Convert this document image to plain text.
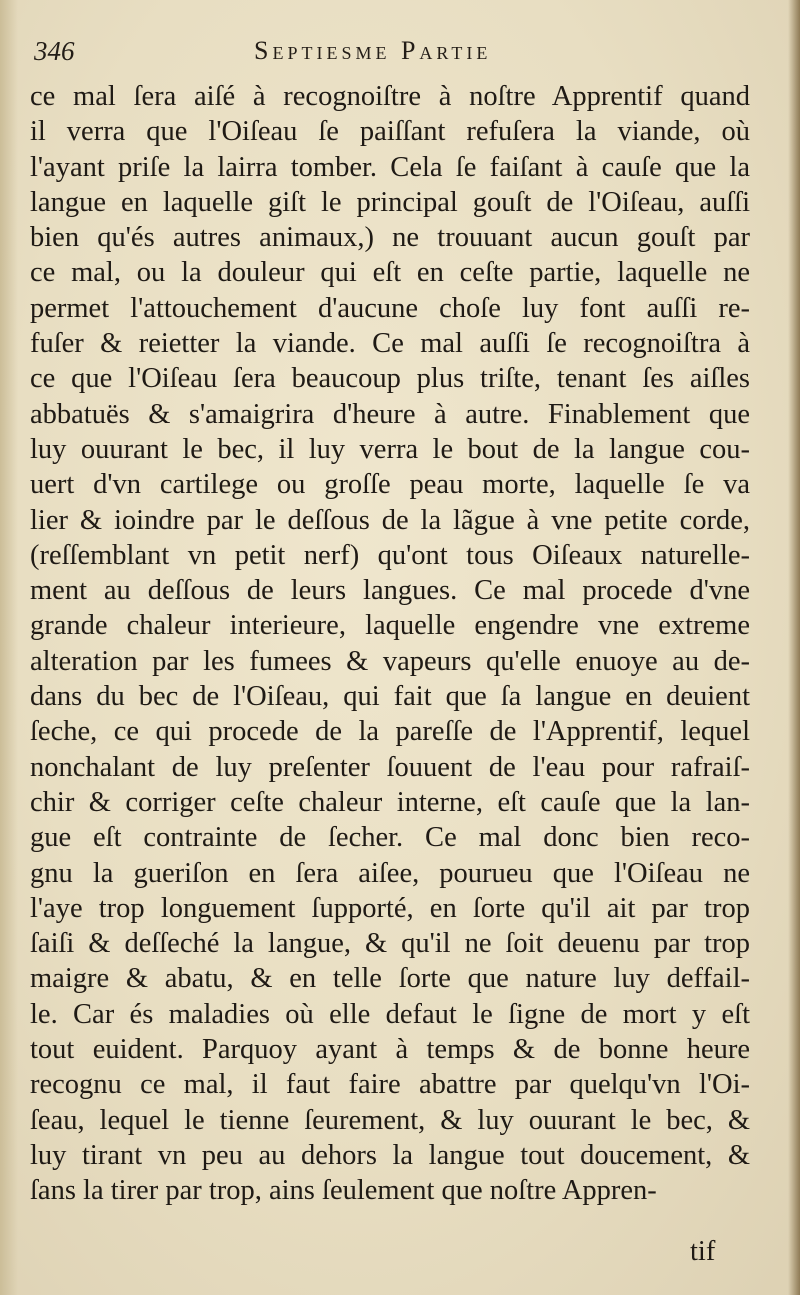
346	Septiesme Partie
ce mal ſera aiſé à recognoiſtre à noſtre Apprentif quand
il verra que l'Oiſeau ſe paiſſant refuſera la viande, où
l'ayant priſe la lairra tomber. Cela ſe faiſant à cauſe que la
langue en laquelle giſt le principal gouſt de l'Oiſeau, auſſi
bien qu'és autres animaux,) ne trouuant aucun gouſt par
ce mal, ou la douleur qui eſt en ceſte partie, laquelle ne
permet l'attouchement d'aucune choſe luy font auſſi re-
fuſer & reietter la viande. Ce mal auſſi ſe recognoiſtra à
ce que l'Oiſeau ſera beaucoup plus triſte, tenant ſes aiſles
abbatuës & s'amaigrira d'heure à autre. Finablement que
luy ouurant le bec, il luy verra le bout de la langue cou-
uert d'vn cartilege ou groſſe peau morte, laquelle ſe va
lier & ioindre par le deſſous de la lãgue à vne petite corde,
(reſſemblant vn petit nerf) qu'ont tous Oiſeaux naturelle-
ment au deſſous de leurs langues. Ce mal procede d'vne
grande chaleur interieure, laquelle engendre vne extreme
alteration par les fumees & vapeurs qu'elle enuoye au de-
dans du bec de l'Oiſeau, qui fait que ſa langue en deuient
ſeche, ce qui procede de la pareſſe de l'Apprentif, lequel
nonchalant de luy preſenter ſouuent de l'eau pour rafraiſ-
chir & corriger ceſte chaleur interne, eſt cauſe que la lan-
gue eſt contrainte de ſecher. Ce mal donc bien reco-
gnu la gueriſon en ſera aiſee, pourueu que l'Oiſeau ne
l'aye trop longuement ſupporté, en ſorte qu'il ait par trop
ſaiſi & deſſeché la langue, & qu'il ne ſoit deuenu par trop
maigre & abatu, & en telle ſorte que nature luy deffail-
le. Car és maladies où elle defaut le ſigne de mort y eſt
tout euident. Parquoy ayant à temps & de bonne heure
recognu ce mal, il faut faire abattre par quelqu'vn l'Oi-
ſeau, lequel le tienne ſeurement, & luy ouurant le bec, &
luy tirant vn peu au dehors la langue tout doucement, &
ſans la tirer par trop, ains ſeulement que noſtre Appren-
tif
